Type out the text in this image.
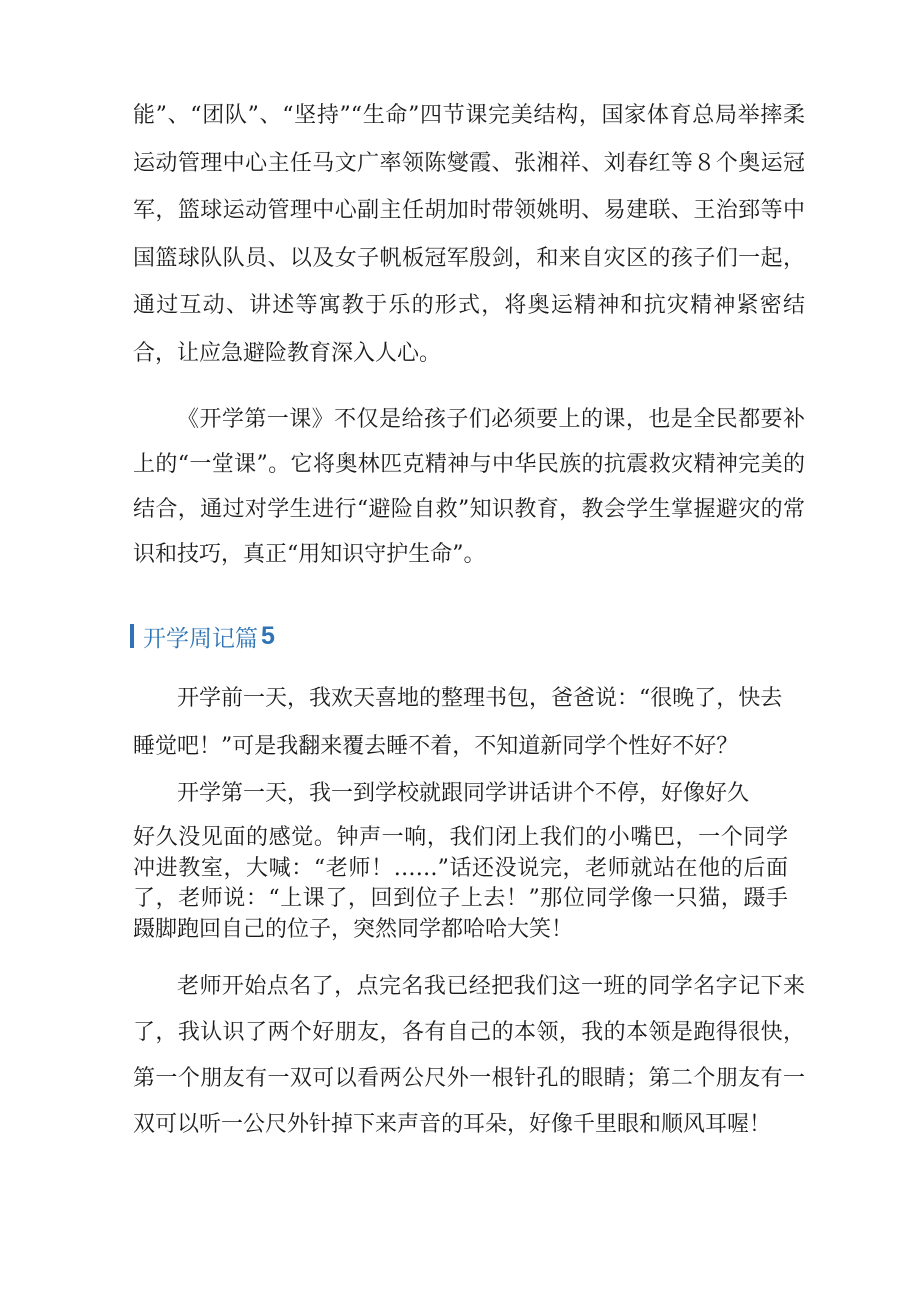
能”、“团队”、“坚持”“生命”四节课完美结构，国家体育总局举摔柔运动管理中心主任马文广率领陈燮霞、张湘祥、刘春红等８个奥运冠军，篮球运动管理中心副主任胡加时带领姚明、易建联、王治郅等中国篮球队队员、以及女子帆板冠军殷剑，和来自灾区的孩子们一起，通过互动、讲述等寓教于乐的形式，将奥运精神和抗灾精神紧密结合，让应急避险教育深入人心。

《开学第一课》不仅是给孩子们必须要上的课，也是全民都要补上的“一堂课”。它将奥林匹克精神与中华民族的抗震救灾精神完美的结合，通过对学生进行“避险自救”知识教育，教会学生掌握避灾的常识和技巧，真正“用知识守护生命”。

开学周记篇 5

开学前一天，我欢天喜地的整理书包，爸爸说：“很晚了，快去

睡觉吧！”可是我翻来覆去睡不着，不知道新同学个性好不好？

开学第一天，我一到学校就跟同学讲话讲个不停，好像好久

好久没见面的感觉。钟声一响，我们闭上我们的小嘴巴，一个同学冲进教室，大喊：“老师！……”话还没说完，老师就站在他的后面了，老师说：“上课了，回到位子上去！”那位同学像一只猫，蹑手蹑脚跑回自己的位子，突然同学都哈哈大笑！

老师开始点名了，点完名我已经把我们这一班的同学名字记下来了，我认识了两个好朋友，各有自己的本领，我的本领是跑得很快，第一个朋友有一双可以看两公尺外一根针孔的眼睛；第二个朋友有一双可以听一公尺外针掉下来声音的耳朵，好像千里眼和顺风耳喔！
